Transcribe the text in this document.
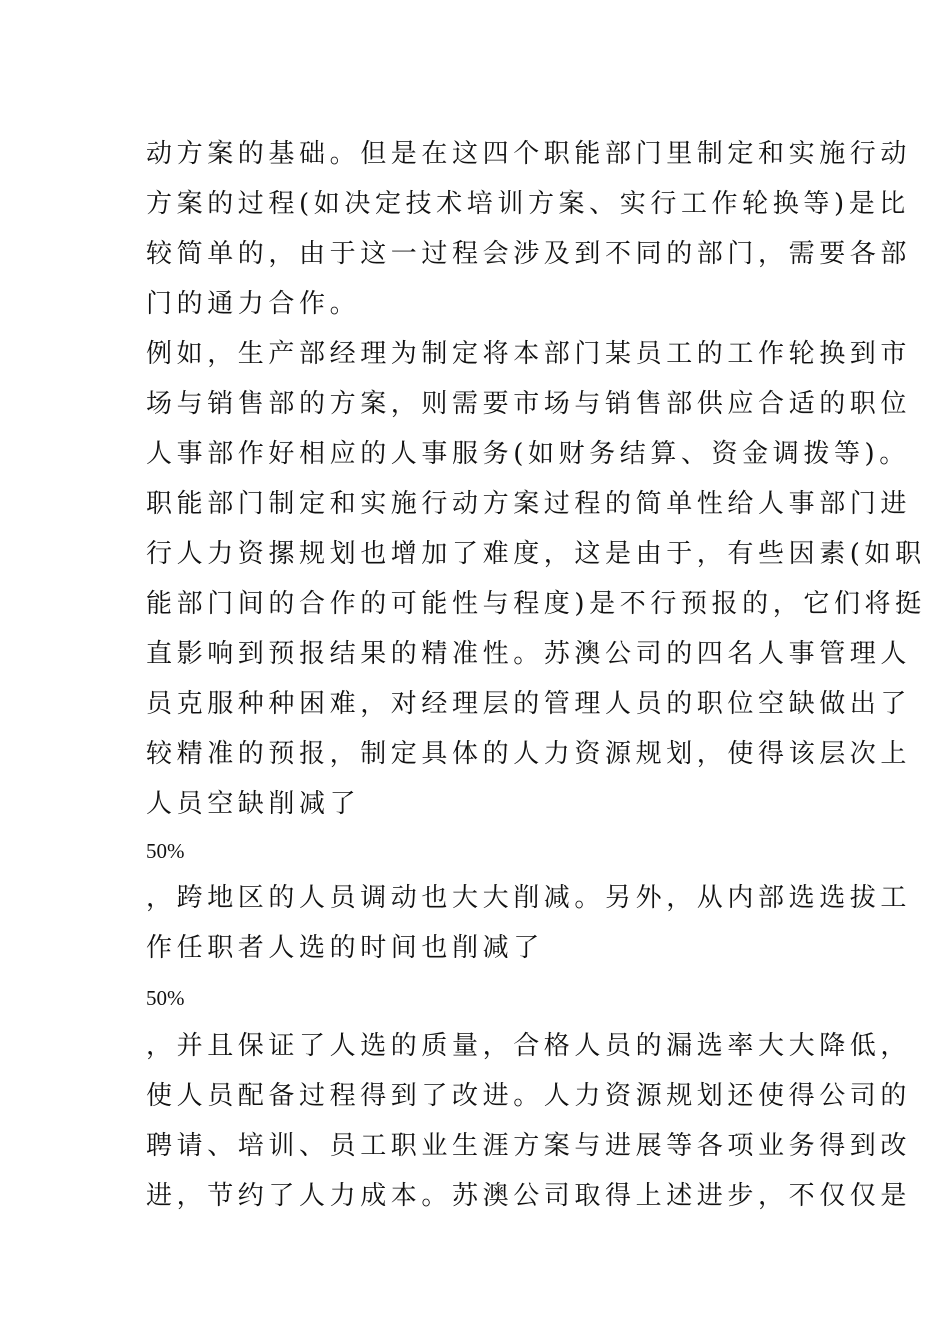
动方案的基础。但是在这四个职能部门里制定和实施行动
方案的过程(如决定技术培训方案、实行工作轮换等)是比
较简单的，由于这一过程会涉及到不同的部门，需要各部
门的通力合作。
例如，生产部经理为制定将本部门某员工的工作轮换到市
场与销售部的方案，则需要市场与销售部供应合适的职位
人事部作好相应的人事服务(如财务结算、资金调拨等)。
职能部门制定和实施行动方案过程的简单性给人事部门进
行人力资摞规划也增加了难度，这是由于，有些因素(如职
能部门间的合作的可能性与程度)是不行预报的，它们将挺
直影响到预报结果的精准性。苏澳公司的四名人事管理人
员克服种种困难，对经理层的管理人员的职位空缺做出了
较精准的预报，制定具体的人力资源规划，使得该层次上
人员空缺削减了
50%
，跨地区的人员调动也大大削减。另外，从内部选选拔工
作任职者人选的时间也削减了
50%
，并且保证了人选的质量，合格人员的漏选率大大降低，
使人员配备过程得到了改进。人力资源规划还使得公司的
聘请、培训、员工职业生涯方案与进展等各项业务得到改
进，节约了人力成本。苏澳公司取得上述进步，不仅仅是
